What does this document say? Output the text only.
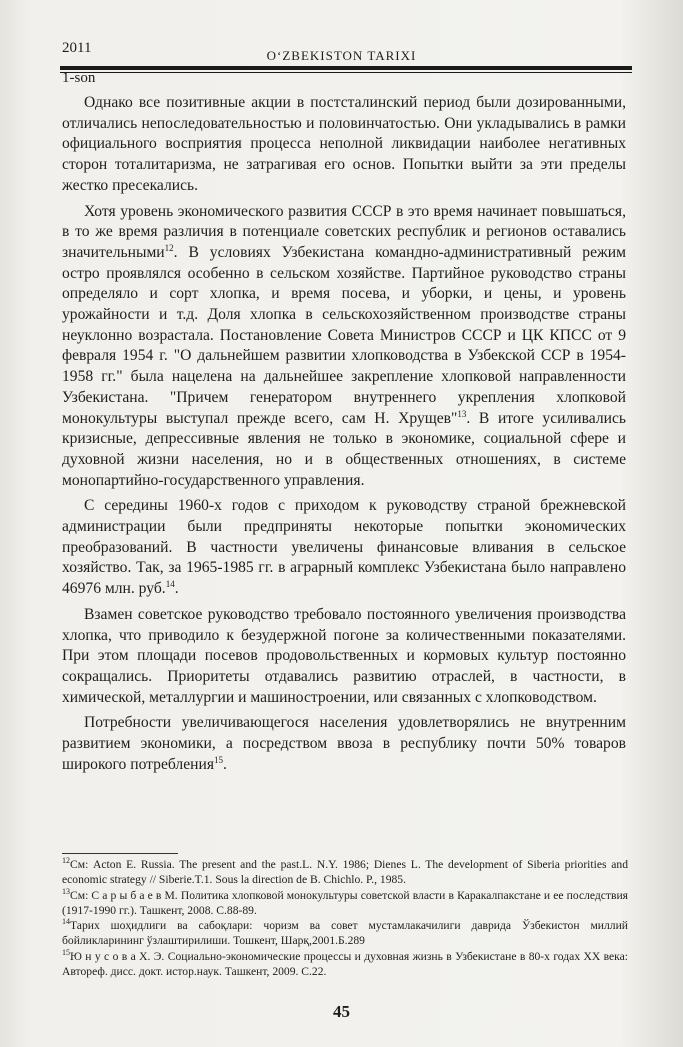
2011	O‘ZBEKISTON TARIXI
1-son

Однако все позитивные акции в постсталинский период были дозированными, отличались непоследовательностью и половинчатостью. Они укладывались в рамки официального восприятия процесса неполной ликвидации наиболее негативных сторон тоталитаризма, не затрагивая его основ. Попытки выйти за эти пределы жестко пресекались.

Хотя уровень экономического развития СССР в это время начинает повышаться, в то же время различия в потенциале советских республик и регионов оставались значительными$^{12}$. В условиях Узбекистана командно-административный режим остро проявлялся особенно в сельском хозяйстве. Партийное руководство страны определяло и сорт хлопка, и время посева, и уборки, и цены, и уровень урожайности и т.д. Доля хлопка в сельскохозяйственном производстве страны неуклонно возрастала. Постановление Совета Министров СССР и ЦК КПСС от 9 февраля 1954 г. "О дальнейшем развитии хлопководства в Узбекской ССР в 1954-1958 гг." была нацелена на дальнейшее закрепление хлопковой направленности Узбекистана. "Причем генератором внутреннего укрепления хлопковой монокультуры выступал прежде всего, сам Н. Хрущев"$^{13}$. В итоге усиливались кризисные, депрессивные явления не только в экономике, социальной сфере и духовной жизни населения, но и в общественных отношениях, в системе монопартийно-государственного управления.

С середины 1960-х годов с приходом к руководству страной брежневской администрации были предприняты некоторые попытки экономических преобразований. В частности увеличены финансовые вливания в сельское хозяйство. Так, за 1965-1985 гг. в аграрный комплекс Узбекистана было направлено 46976 млн. руб.$^{14}$.

Взамен советское руководство требовало постоянного увеличения производства хлопка, что приводило к безудержной погоне за количественными показателями. При этом площади посевов продовольственных и кормовых культур постоянно сокращались. Приоритеты отдавались развитию отраслей, в частности, в химической, металлургии и машиностроении, или связанных с хлопководством.

Потребности увеличивающегося населения удовлетворялись не внутренним развитием экономики, а посредством ввоза в республику почти 50% товаров широкого потребления$^{15}$.

$^{12}$См: Acton E. Russia. The present and the past.L. N.Y. 1986; Dienes L. The development of Siberia priorities and economic strategy // Siberie.T.1. Sous la direction de B. Chichlo. P., 1985.

$^{13}$См: С а р ы б а е в М. Политика хлопковой монокультуры советской власти в Каракалпакстане и ее последствия (1917-1990 гг.). Ташкент, 2008. С.88-89.

$^{14}$Тарих шоҳидлиги ва сабоқлари: чоризм ва совет мустамлакачилиги даврида Ўзбекистон миллий бойликларининг ўзлаштирилиши. Тошкент, Шарқ,2001.Б.289

$^{15}$Ю н у с о в а Х. Э. Социально-экономические процессы и духовная жизнь в Узбекистане в 80-х годах XX века: Автореф. дисс. докт. истор.наук. Ташкент, 2009. С.22.

45
